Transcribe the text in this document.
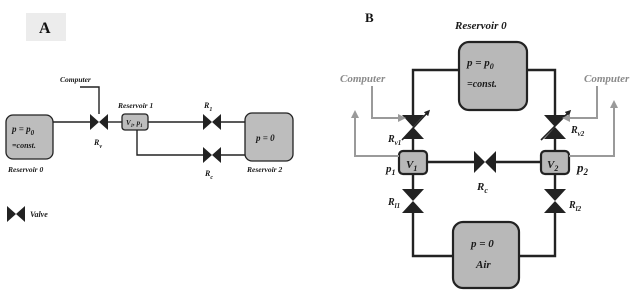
A
$p = p_0$
=const.
Reservoir 0
Computer
$R_v$
Reservoir 1
$V_1$, $p_1$
$R_1$
$R_c$
p = 0
Reservoir 2
Valve
B
Reservoir 0
$p = p_0$
=const.
p = 0
Air
$V_1$	$V_2$
$R_{v1}$
$R_{v2}$
$R_c$
$R_{l1}$	$R_{l2}$
$p_1$	$p_2$
Computer	Computer
